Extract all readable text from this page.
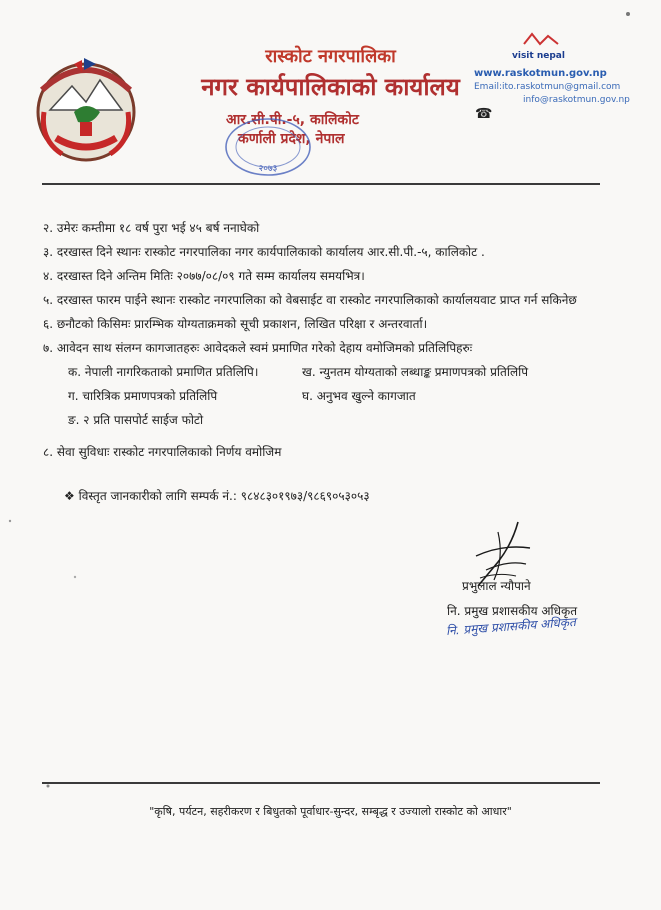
रास्कोट नगरपालिका
नगर कार्यपालिकाको कार्यालय
आर.सी.पी.-५, कालिकोट
कर्णाली प्रदेश, नेपाल
२०७३
visit nepal
www.raskotmun.gov.np
Email:ito.raskotmun@gmail.com
info@raskotmun.gov.np
☎
२. उमेरः कम्तीमा १८ वर्ष पुरा भई ४५ बर्ष ननाघेको
३. दरखास्त दिने स्थानः रास्कोट नगरपालिका नगर कार्यपालिकाको कार्यालय आर.सी.पी.-५, कालिकोट .
४. दरखास्त दिने अन्तिम मितिः २०७७/०८/०९ गते सम्म कार्यालय समयभित्र।
५. दरखास्त फारम पाईने स्थानः रास्कोट नगरपालिका को वेबसाईट वा रास्कोट नगरपालिकाको कार्यालयवाट प्राप्त गर्न सकिनेछ
६. छनौटको किसिमः प्रारम्भिक योग्यताक्रमको सूची प्रकाशन, लिखित परिक्षा र अन्तरवार्ता।
७. आवेदन साथ संलग्न कागजातहरुः आवेदकले स्वमं प्रमाणित गरेको देहाय वमोजिमको प्रतिलिपिहरुः
क. नेपाली नागरिकताको प्रमाणित प्रतिलिपि।	ख. न्युनतम योग्यताको लब्धाङ्क प्रमाणपत्रको प्रतिलिपि
ग. चारित्रिक प्रमाणपत्रको प्रतिलिपि	घ. अनुभव खुल्ने कागजात
ङ. २ प्रति पासपोर्ट साईज फोटो
८. सेवा सुविधाः रास्कोट नगरपालिकाको निर्णय वमोजिम
❖ विस्तृत जानकारीको लागि सम्पर्क नं.: ९८४८३०१९७३/९८६९०५३०५३
प्रभुलाल न्यौपाने
नि. प्रमुख प्रशासकीय अधिकृत
नि. प्रमुख प्रशासकीय अधिकृत
"कृषि, पर्यटन, सहरीकरण र बिधुतको पूर्वाधार-सुन्दर, सम्बृद्ध र उज्यालो रास्कोट को आधार"
